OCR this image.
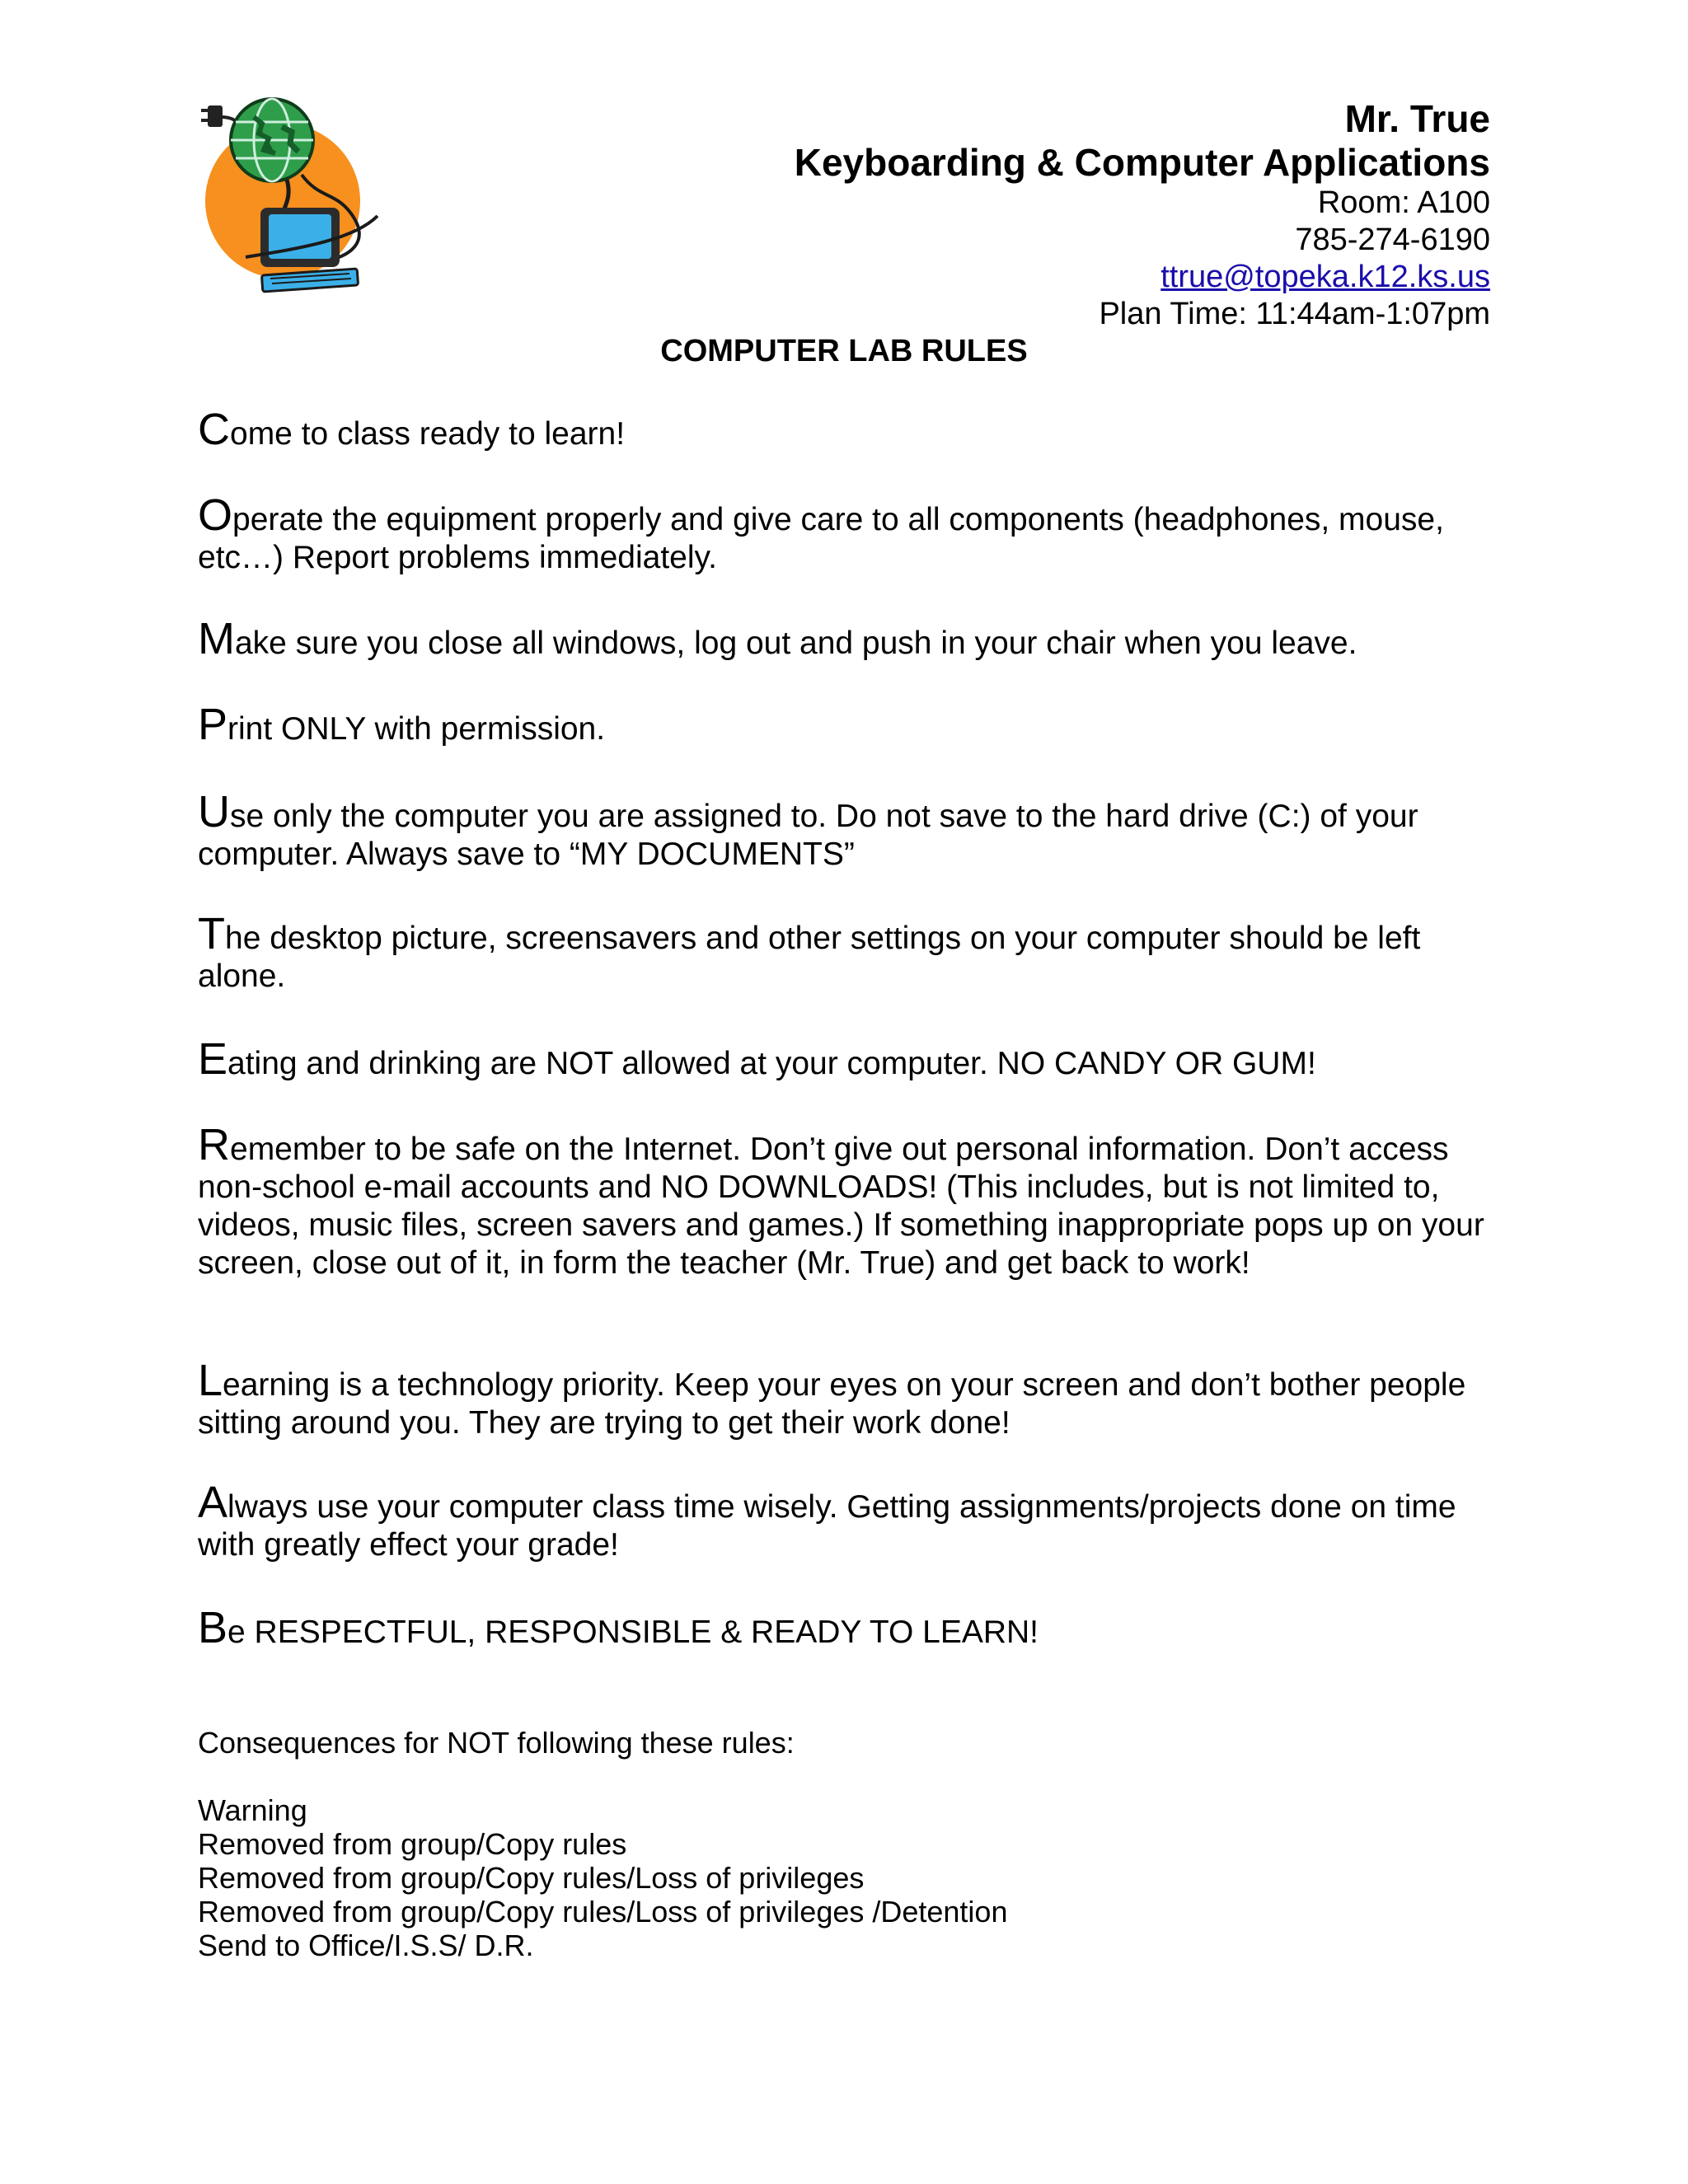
Mr. True
Keyboarding & Computer Applications
Room: A100
785-274-6190
ttrue@topeka.k12.ks.us
Plan Time: 11:44am-1:07pm
COMPUTER LAB RULES
Come to class ready to learn!
Operate the equipment properly and give care to all components (headphones, mouse, etc…) Report problems immediately.
Make sure you close all windows, log out and push in your chair when you leave.
Print ONLY with permission.
Use only the computer you are assigned to. Do not save to the hard drive (C:) of your computer. Always save to “MY DOCUMENTS”
The desktop picture, screensavers and other settings on your computer should be left alone.
Eating and drinking are NOT allowed at your computer. NO CANDY OR GUM!
Remember to be safe on the Internet. Don’t give out personal information. Don’t access non-school e-mail accounts and NO DOWNLOADS! (This includes, but is not limited to, videos, music files, screen savers and games.) If something inappropriate pops up on your screen, close out of it, in form the teacher (Mr. True) and get back to work!
Learning is a technology priority. Keep your eyes on your screen and don’t bother people sitting around you. They are trying to get their work done!
Always use your computer class time wisely. Getting assignments/projects done on time with greatly effect your grade!
Be RESPECTFUL, RESPONSIBLE & READY TO LEARN!
Consequences for NOT following these rules:
Warning
Removed from group/Copy rules
Removed from group/Copy rules/Loss of privileges
Removed from group/Copy rules/Loss of privileges /Detention
Send to Office/I.S.S/ D.R.
